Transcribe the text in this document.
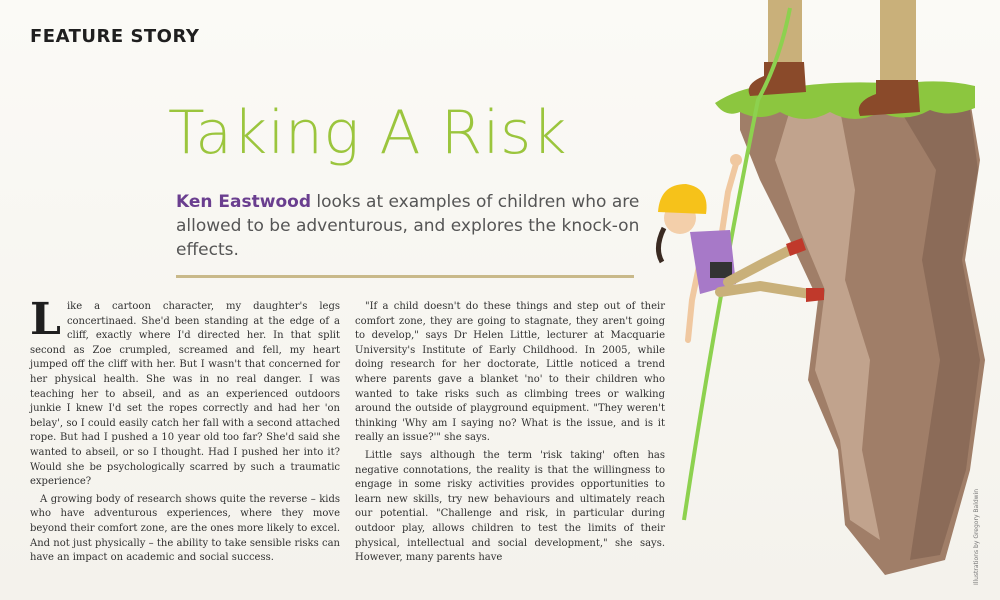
FEATURE STORY
Taking A Risk
Ken Eastwood looks at examples of children who are allowed to be adventurous, and explores the knock-on effects.

Like a cartoon character, my daughter's legs concertinaed. She'd been standing at the edge of a cliff, exactly where I'd directed her. In that split second as Zoe crumpled, screamed and fell, my heart jumped off the cliff with her. But I wasn't that concerned for her physical health. She was in no real danger. I was teaching her to abseil, and as an experienced outdoors junkie I knew I'd set the ropes correctly and had her 'on belay', so I could easily catch her fall with a second attached rope. But had I pushed a 10 year old too far? She'd said she wanted to abseil, or so I thought. Had I pushed her into it? Would she be psychologically scarred by such a traumatic experience?

A growing body of research shows quite the reverse – kids who have adventurous experiences, where they move beyond their comfort zone, are the ones more likely to excel. And not just physically – the ability to take sensible risks can have an impact on academic and social success.

"If a child doesn't do these things and step out of their comfort zone, they are going to stagnate, they aren't going to develop," says Dr Helen Little, lecturer at Macquarie University's Institute of Early Childhood. In 2005, while doing research for her doctorate, Little noticed a trend where parents gave a blanket 'no' to their children who wanted to take risks such as climbing trees or walking around the outside of playground equipment. "They weren't thinking 'Why am I saying no? What is the issue, and is it really an issue?'" she says.

Little says although the term 'risk taking' often has negative connotations, the reality is that the willingness to engage in some risky activities provides opportunities to learn new skills, try new behaviours and ultimately reach our potential. "Challenge and risk, in particular during outdoor play, allows children to test the limits of their physical, intellectual and social development," she says. However, many parents have	Illustrations by Gregory Baldwin
